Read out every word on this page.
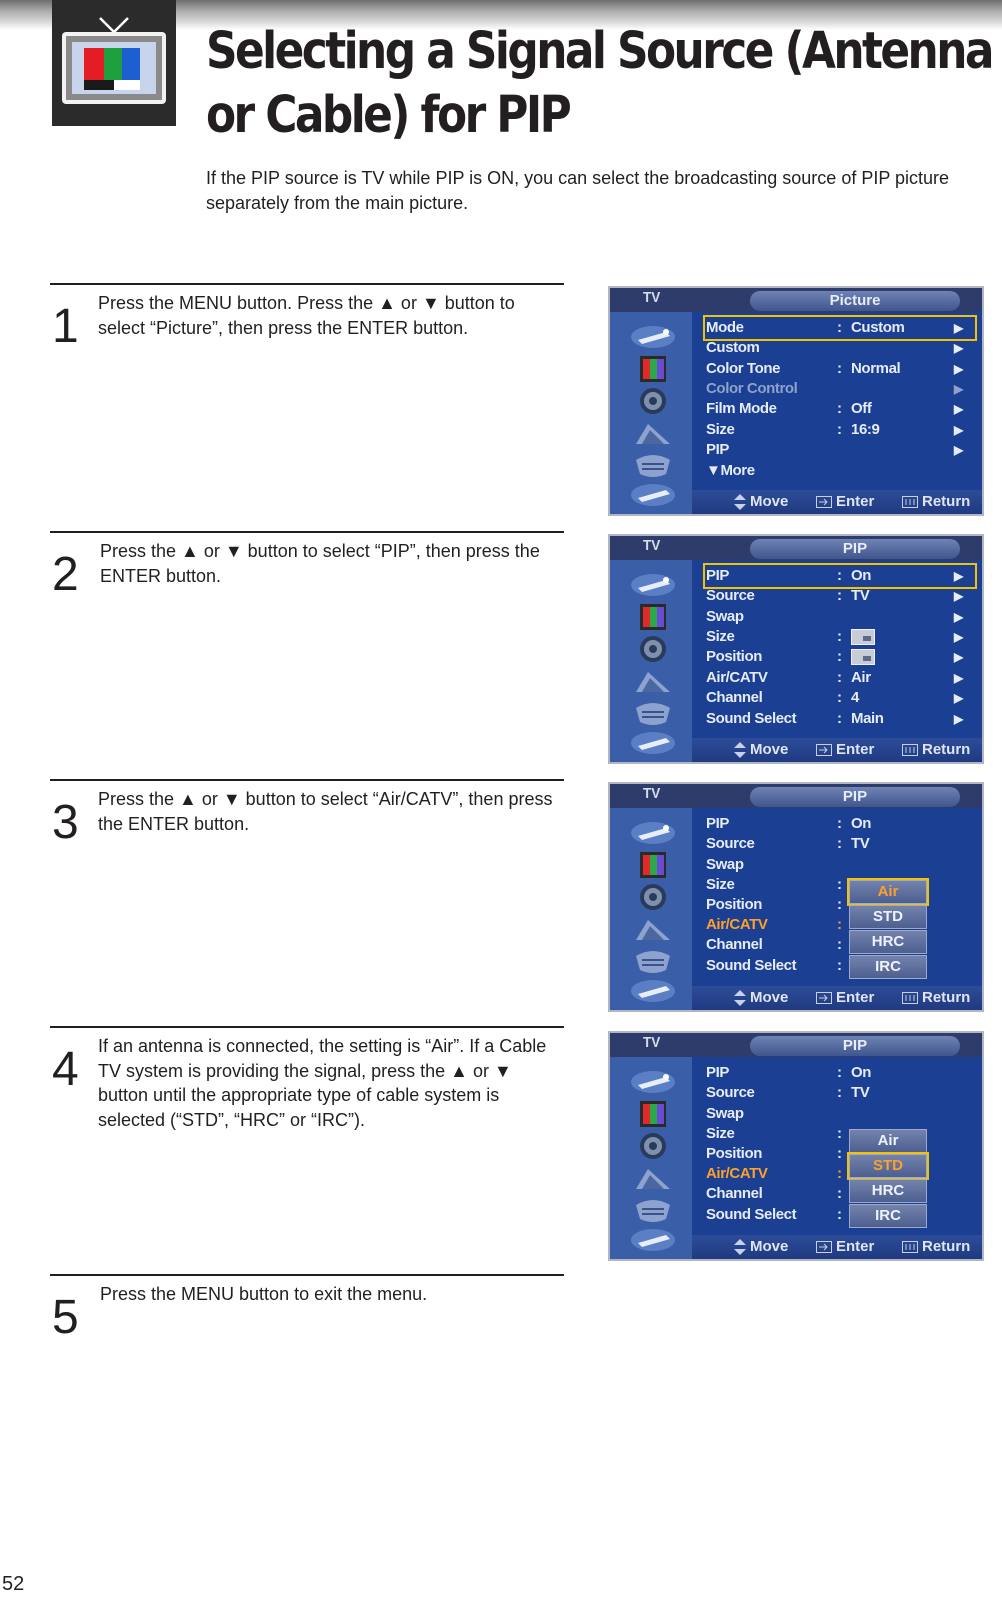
Selecting a Signal Source (Antenna or Cable) for PIP
If the PIP source is TV while PIP is ON, you can select the broadcasting source of PIP picture separately from the main picture.
1 Press the MENU button. Press the ▲ or ▼ button to select “Picture”, then press the ENTER button.
2 Press the ▲ or ▼ button to select “PIP”, then press the ENTER button.
3 Press the ▲ or ▼ button to select “Air/CATV”, then press the ENTER button.
4 If an antenna is connected, the setting is “Air”. If a Cable TV system is providing the signal, press the ▲ or ▼ button until the appropriate type of cable system is selected (“STD”, “HRC” or “IRC”).
5 Press the MENU button to exit the menu.
TV	Picture
Mode	: Custom	▶
Custom	▶
Color Tone	: Normal	▶
Color Control	▶
Film Mode	: Off	▶
Size	: 16:9	▶
PIP	▶
▼More
Move	Enter	Return
TV	PIP
PIP	: On	▶
Source	: TV	▶
Swap	▶
Size	:	▶
Position	:	▶
Air/CATV	: Air	▶
Channel	: 4	▶
Sound Select	: Main	▶
Move	Enter	Return
TV	PIP
PIP	: On
Source	: TV
Swap
Size	:
Position	:
Air/CATV	:
Channel	:
Sound Select	:
Air
STD
HRC
IRC
Move	Enter	Return
TV	PIP
PIP	: On
Source	: TV
Swap
Size	:
Position	:
Air/CATV	:
Channel	:
Sound Select	:
Air
STD
HRC
IRC
Move	Enter	Return
52
